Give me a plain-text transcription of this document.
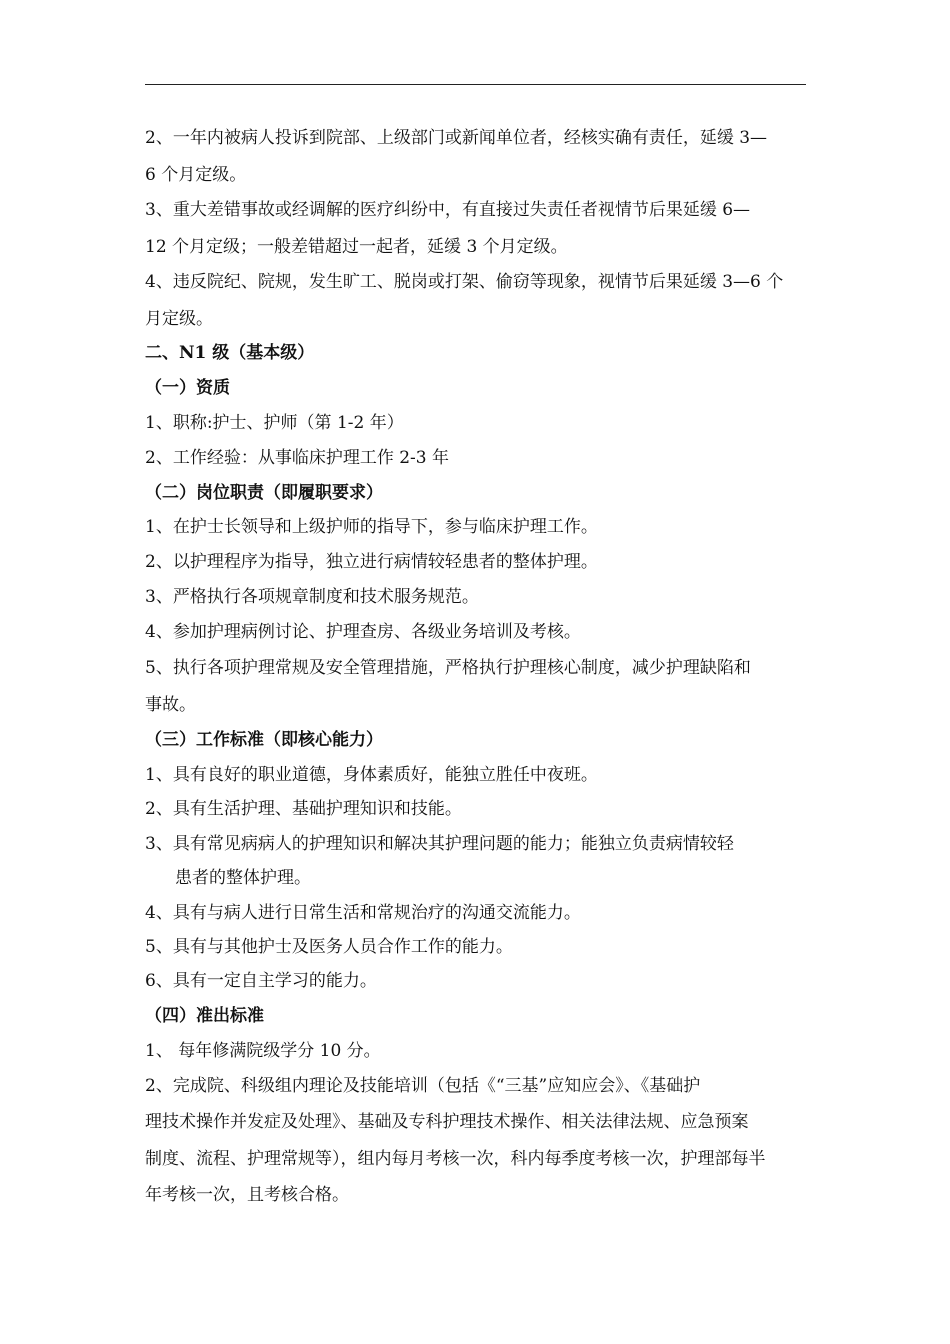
2、一年内被病人投诉到院部、上级部门或新闻单位者，经核实确有责任，延缓 3—
6 个月定级。
3、重大差错事故或经调解的医疗纠纷中，有直接过失责任者视情节后果延缓 6—
12 个月定级；一般差错超过一起者，延缓 3 个月定级。
4、违反院纪、院规，发生旷工、脱岗或打架、偷窃等现象，视情节后果延缓 3—6 个
月定级。
二、N1 级（基本级）
（一）资质
1、职称:护士、护师（第 1-2 年）
2、工作经验：从事临床护理工作 2-3 年
（二）岗位职责（即履职要求）
1、在护士长领导和上级护师的指导下，参与临床护理工作。
2、以护理程序为指导，独立进行病情较轻患者的整体护理。
3、严格执行各项规章制度和技术服务规范。
4、参加护理病例讨论、护理查房、各级业务培训及考核。
5、执行各项护理常规及安全管理措施，严格执行护理核心制度，减少护理缺陷和
事故。
（三）工作标准（即核心能力）
1、具有良好的职业道德，身体素质好，能独立胜任中夜班。
2、具有生活护理、基础护理知识和技能。
3、具有常见病病人的护理知识和解决其护理问题的能力；能独立负责病情较轻
患者的整体护理。
4、具有与病人进行日常生活和常规治疗的沟通交流能力。
5、具有与其他护士及医务人员合作工作的能力。
6、具有一定自主学习的能力。
（四）准出标准
1、 每年修满院级学分 10 分。
2、完成院、科级组内理论及技能培训（包括《“三基”应知应会》、《基础护
理技术操作并发症及处理》、基础及专科护理技术操作、相关法律法规、应急预案
制度、流程、护理常规等），组内每月考核一次，科内每季度考核一次，护理部每半
年考核一次，且考核合格。
